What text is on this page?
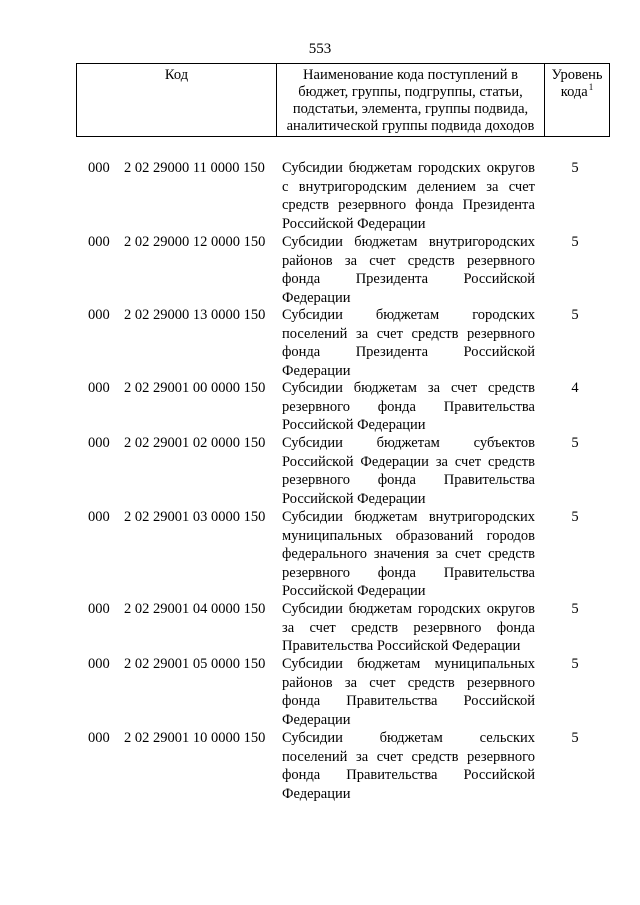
553
Код	Наименование кода поступлений в бюджет, группы, подгруппы, статьи, подстатьи, элемента, группы подвида, аналитической группы подвида доходов
Уровень кода$^1$
000 2 02 29000 11 0000 150 Субсидии бюджетам городских округов с внутригородским делением за счет средств резервного фонда Президента Российской Федерации
5
000 2 02 29000 12 0000 150 Субсидии бюджетам внутригородских районов за счет средств резервного фонда Президента Российской Федерации
5
000 2 02 29000 13 0000 150 Субсидии бюджетам городских поселений за счет средств резервного фонда Президента Российской Федерации
5
000 2 02 29001 00 0000 150 Субсидии бюджетам за счет средств резервного фонда Правительства Российской Федерации
4
000 2 02 29001 02 0000 150 Субсидии бюджетам субъектов Российской Федерации за счет средств резервного фонда Правительства Российской Федерации
5
000 2 02 29001 03 0000 150 Субсидии бюджетам внутригородских муниципальных образований городов федерального значения за счет средств резервного фонда Правительства Российской Федерации
5
000 2 02 29001 04 0000 150 Субсидии бюджетам городских округов за счет средств резервного фонда Правительства Российской Федерации
5
000 2 02 29001 05 0000 150 Субсидии бюджетам муниципальных районов за счет средств резервного фонда Правительства Российской Федерации
5
000 2 02 29001 10 0000 150 Субсидии бюджетам сельских поселений за счет средств резервного фонда Правительства Российской Федерации
5
